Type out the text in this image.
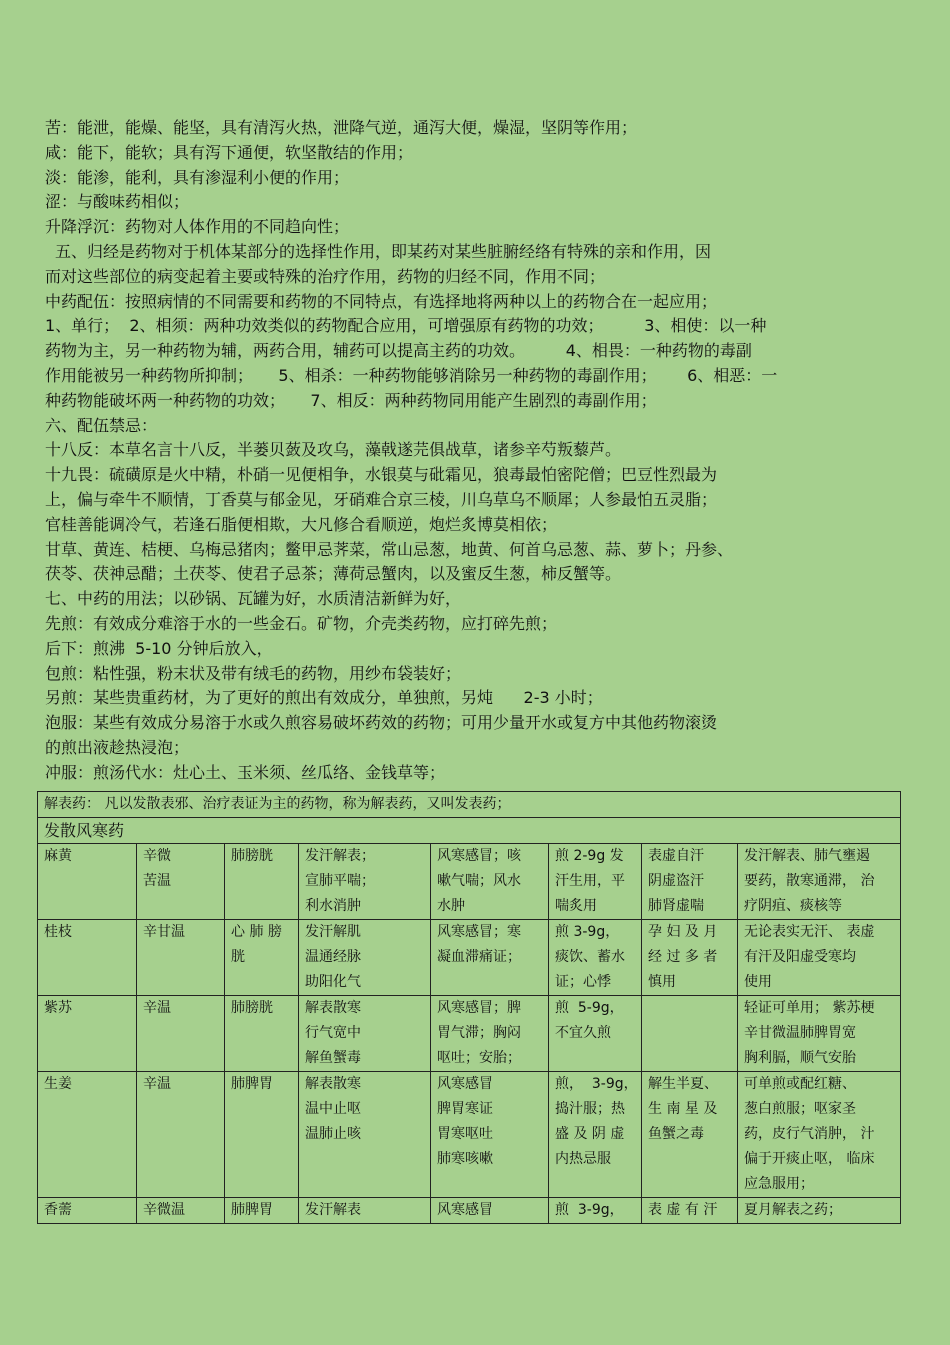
苦：能泄，能燥、能坚，具有清泻火热，泄降气逆，通泻大便，燥湿，坚阴等作用；
咸：能下，能软；具有泻下通便，软坚散结的作用；
淡：能渗，能利，具有渗湿利小便的作用；
涩：与酸味药相似；
升降浮沉：药物对人体作用的不同趋向性；
五、归经是药物对于机体某部分的选择性作用，即某药对某些脏腑经络有特殊的亲和作用，因
而对这些部位的病变起着主要或特殊的治疗作用，药物的归经不同，作用不同；
中药配伍：按照病情的不同需要和药物的不同特点，有选择地将两种以上的药物合在一起应用；
1、单行；  2、相须：两种功效类似的药物配合应用，可增强原有药物的功效；        3、相使：以一种
药物为主，另一种药物为辅，两药合用，辅药可以提高主药的功效。        4、相畏：一种药物的毒副
作用能被另一种药物所抑制；     5、相杀：一种药物能够消除另一种药物的毒副作用；      6、相恶：一
种药物能破坏两一种药物的功效；     7、相反：两种药物同用能产生剧烈的毒副作用；
六、配伍禁忌：
十八反：本草名言十八反，半蒌贝蔹及攻乌，藻戟遂芫俱战草，诸参辛芍叛藜芦。
十九畏：硫磺原是火中精，朴硝一见便相争，水银莫与砒霜见，狼毒最怕密陀僧；巴豆性烈最为
上，偏与牵牛不顺情，丁香莫与郁金见，牙硝难合京三棱，川乌草乌不顺犀；人参最怕五灵脂；
官桂善能调冷气，若逢石脂便相欺，大凡修合看顺逆，炮烂炙博莫相依；
甘草、黄连、桔梗、乌梅忌猪肉；鳖甲忌荠菜，常山忌葱，地黄、何首乌忌葱、蒜、萝卜；丹参、
茯苓、茯神忌醋；土茯苓、使君子忌茶；薄荷忌蟹肉，以及蜜反生葱，柿反蟹等。
七、中药的用法；以砂锅、瓦罐为好，水质清洁新鲜为好，
先煎：有效成分难溶于水的一些金石。矿物，介壳类药物，应打碎先煎；
后下：煎沸  5-10 分钟后放入，
包煎：粘性强，粉末状及带有绒毛的药物，用纱布袋装好；
另煎：某些贵重药材，为了更好的煎出有效成分，单独煎，另炖      2-3 小时；
泡服：某些有效成分易溶于水或久煎容易破坏药效的药物；可用少量开水或复方中其他药物滚烫
的煎出液趁热浸泡；
冲服：煎汤代水：灶心土、玉米须、丝瓜络、金钱草等；
解表药： 凡以发散表邪、治疗表证为主的药物，称为解表药，又叫发表药；							
发散风寒药							

麻黄	辛微
苦温	肺膀胱	发汗解表；
宣肺平喘；
利水消肿	风寒感冒；咳
嗽气喘；风水
水肿	煎 2-9g 发
汗生用，平
喘炙用	表虚自汗
阴虚盗汗
肺肾虚喘	发汗解表、肺气壅遏
要药，散寒通滞， 治
疗阴疽、痰核等

桂枝	辛甘温	心 肺 膀
胱	发汗解肌
温通经脉
助阳化气	风寒感冒；寒
凝血滞痛证；	煎 3-9g，
痰饮、蓄水
证；心悸	孕 妇 及 月
经 过 多 者
慎用	无论表实无汗、 表虚
有汗及阳虚受寒均
使用

紫苏	辛温	肺膀胱	解表散寒
行气宽中
解鱼蟹毒	风寒感冒；脾
胃气滞；胸闷
呕吐；安胎；	煎  5-9g，
不宜久煎		轻证可单用； 紫苏梗
辛甘微温肺脾胃宽
胸利膈，顺气安胎

生姜	辛温	肺脾胃	解表散寒
温中止呕
温肺止咳	风寒感冒
脾胃寒证
胃寒呕吐
肺寒咳嗽	煎，  3-9g，
捣汁服；热
盛 及 阴 虚
内热忌服	解生半夏、
生 南 星 及
鱼蟹之毒	可单煎或配红糖、
葱白煎服；呕家圣
药，皮行气消肿， 汁
偏于开痰止呕， 临床
应急服用；

香薷	辛微温	肺脾胃	发汗解表	风寒感冒	煎  3-9g，	表 虚 有 汗	夏月解表之药；
